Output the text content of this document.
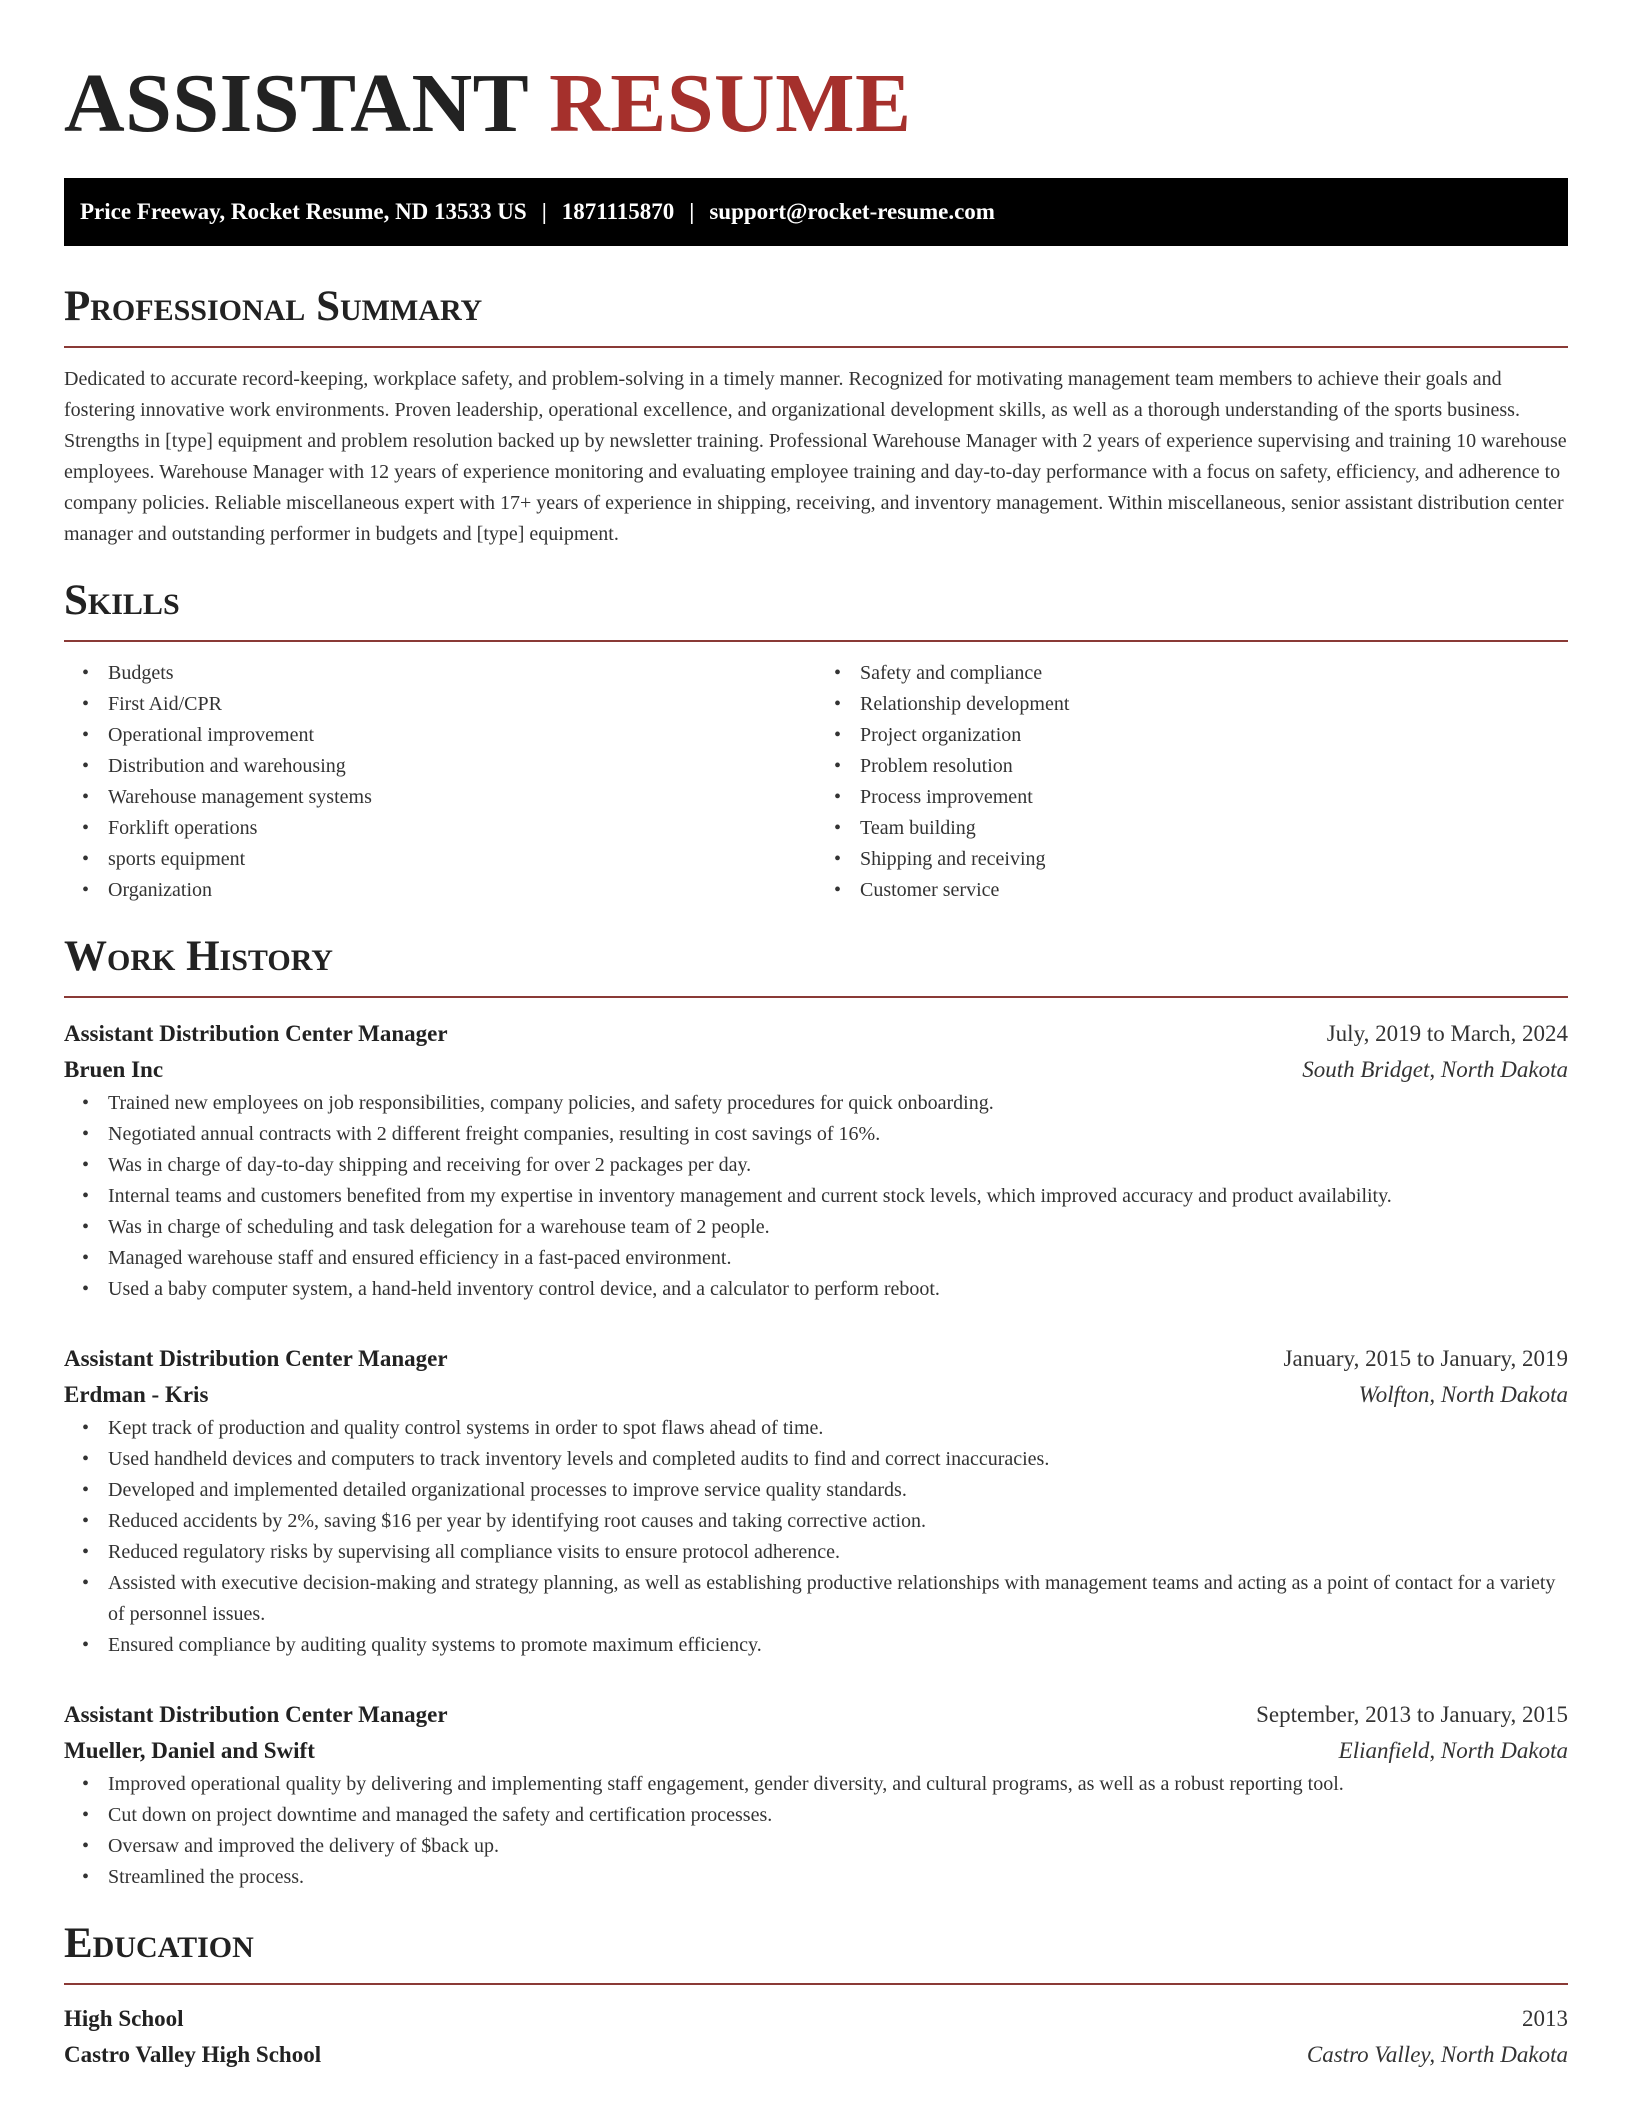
ASSISTANT RESUME
Price Freeway, Rocket Resume, ND 13533 US | 1871115870 | support@rocket-resume.com
Professional Summary

Dedicated to accurate record-keeping, workplace safety, and problem-solving in a timely manner. Recognized for motivating management team members to achieve their goals and fostering innovative work environments. Proven leadership, operational excellence, and organizational development skills, as well as a thorough understanding of the sports business. Strengths in [type] equipment and problem resolution backed up by newsletter training. Professional Warehouse Manager with 2 years of experience supervising and training 10 warehouse employees. Warehouse Manager with 12 years of experience monitoring and evaluating employee training and day-to-day performance with a focus on safety, efficiency, and adherence to company policies. Reliable miscellaneous expert with 17+ years of experience in shipping, receiving, and inventory management. Within miscellaneous, senior assistant distribution center manager and outstanding performer in budgets and [type] equipment.

Skills
• Budgets
• First Aid/CPR
• Operational improvement
• Distribution and warehousing
• Warehouse management systems
• Forklift operations
• sports equipment
• Organization
• Safety and compliance
• Relationship development
• Project organization
• Problem resolution
• Process improvement
• Team building
• Shipping and receiving
• Customer service
Work History
Assistant Distribution Center Manager	July, 2019 to March, 2024
Bruen Inc	South Bridget, North Dakota
• Trained new employees on job responsibilities, company policies, and safety procedures for quick onboarding.
• Negotiated annual contracts with 2 different freight companies, resulting in cost savings of 16%.
• Was in charge of day-to-day shipping and receiving for over 2 packages per day.
• Internal teams and customers benefited from my expertise in inventory management and current stock levels, which improved accuracy and product availability.
• Was in charge of scheduling and task delegation for a warehouse team of 2 people.
• Managed warehouse staff and ensured efficiency in a fast-paced environment.
• Used a baby computer system, a hand-held inventory control device, and a calculator to perform reboot.
Assistant Distribution Center Manager	January, 2015 to January, 2019
Erdman - Kris	Wolfton, North Dakota
• Kept track of production and quality control systems in order to spot flaws ahead of time.
• Used handheld devices and computers to track inventory levels and completed audits to find and correct inaccuracies.
• Developed and implemented detailed organizational processes to improve service quality standards.
• Reduced accidents by 2%, saving $16 per year by identifying root causes and taking corrective action.
• Reduced regulatory risks by supervising all compliance visits to ensure protocol adherence.
• Assisted with executive decision-making and strategy planning, as well as establishing productive relationships with management teams and acting as a point of contact for a variety of personnel issues.
• Ensured compliance by auditing quality systems to promote maximum efficiency.
Assistant Distribution Center Manager	September, 2013 to January, 2015
Mueller, Daniel and Swift	Elianfield, North Dakota
• Improved operational quality by delivering and implementing staff engagement, gender diversity, and cultural programs, as well as a robust reporting tool.
• Cut down on project downtime and managed the safety and certification processes.
• Oversaw and improved the delivery of $back up.
• Streamlined the process.
Education
High School	2013
Castro Valley High School	Castro Valley, North Dakota
